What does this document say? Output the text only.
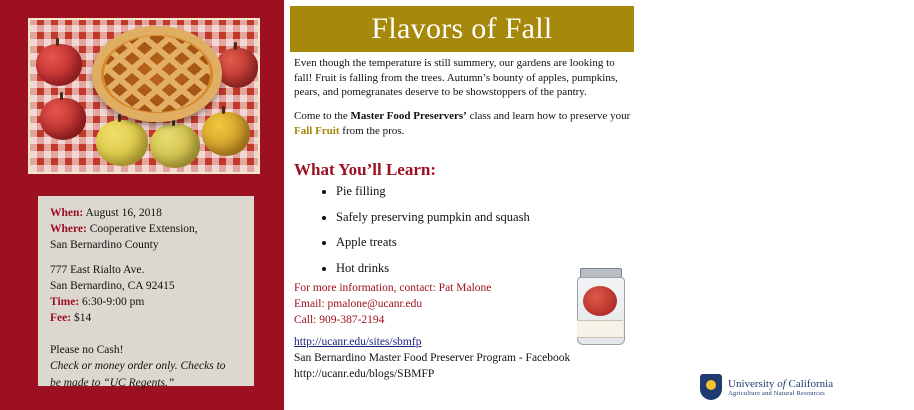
When: August 16, 2018

Where: Cooperative Extension,

San Bernardino County

777 East Rialto Ave.

San Bernardino, CA 92415

Time: 6:30-9:00 pm

Fee: $14

Please no Cash!

Check or money order only. Checks to

be made to “UC Regents.”

Flavors of Fall

Even though the temperature is still summery, our gardens are looking to fall! Fruit is falling from the trees. Autumn’s bounty of apples, pumpkins, pears, and pomegranates deserve to be showstoppers of the pantry.

Come to the Master Food Preservers’ class and learn how to preserve your Fall Fruit from the pros.

What You’ll Learn:
• Pie filling
• Safely preserving pumpkin and squash
• Apple treats
• Hot drinks
For more information, contact: Pat Malone
Email: pmalone@ucanr.edu
Call: 909-387-2194
http://ucanr.edu/sites/sbmfp
San Bernardino Master Food Preserver Program - Facebook
http://ucanr.edu/blogs/SBMFP
University of California
Agriculture and Natural Resources
